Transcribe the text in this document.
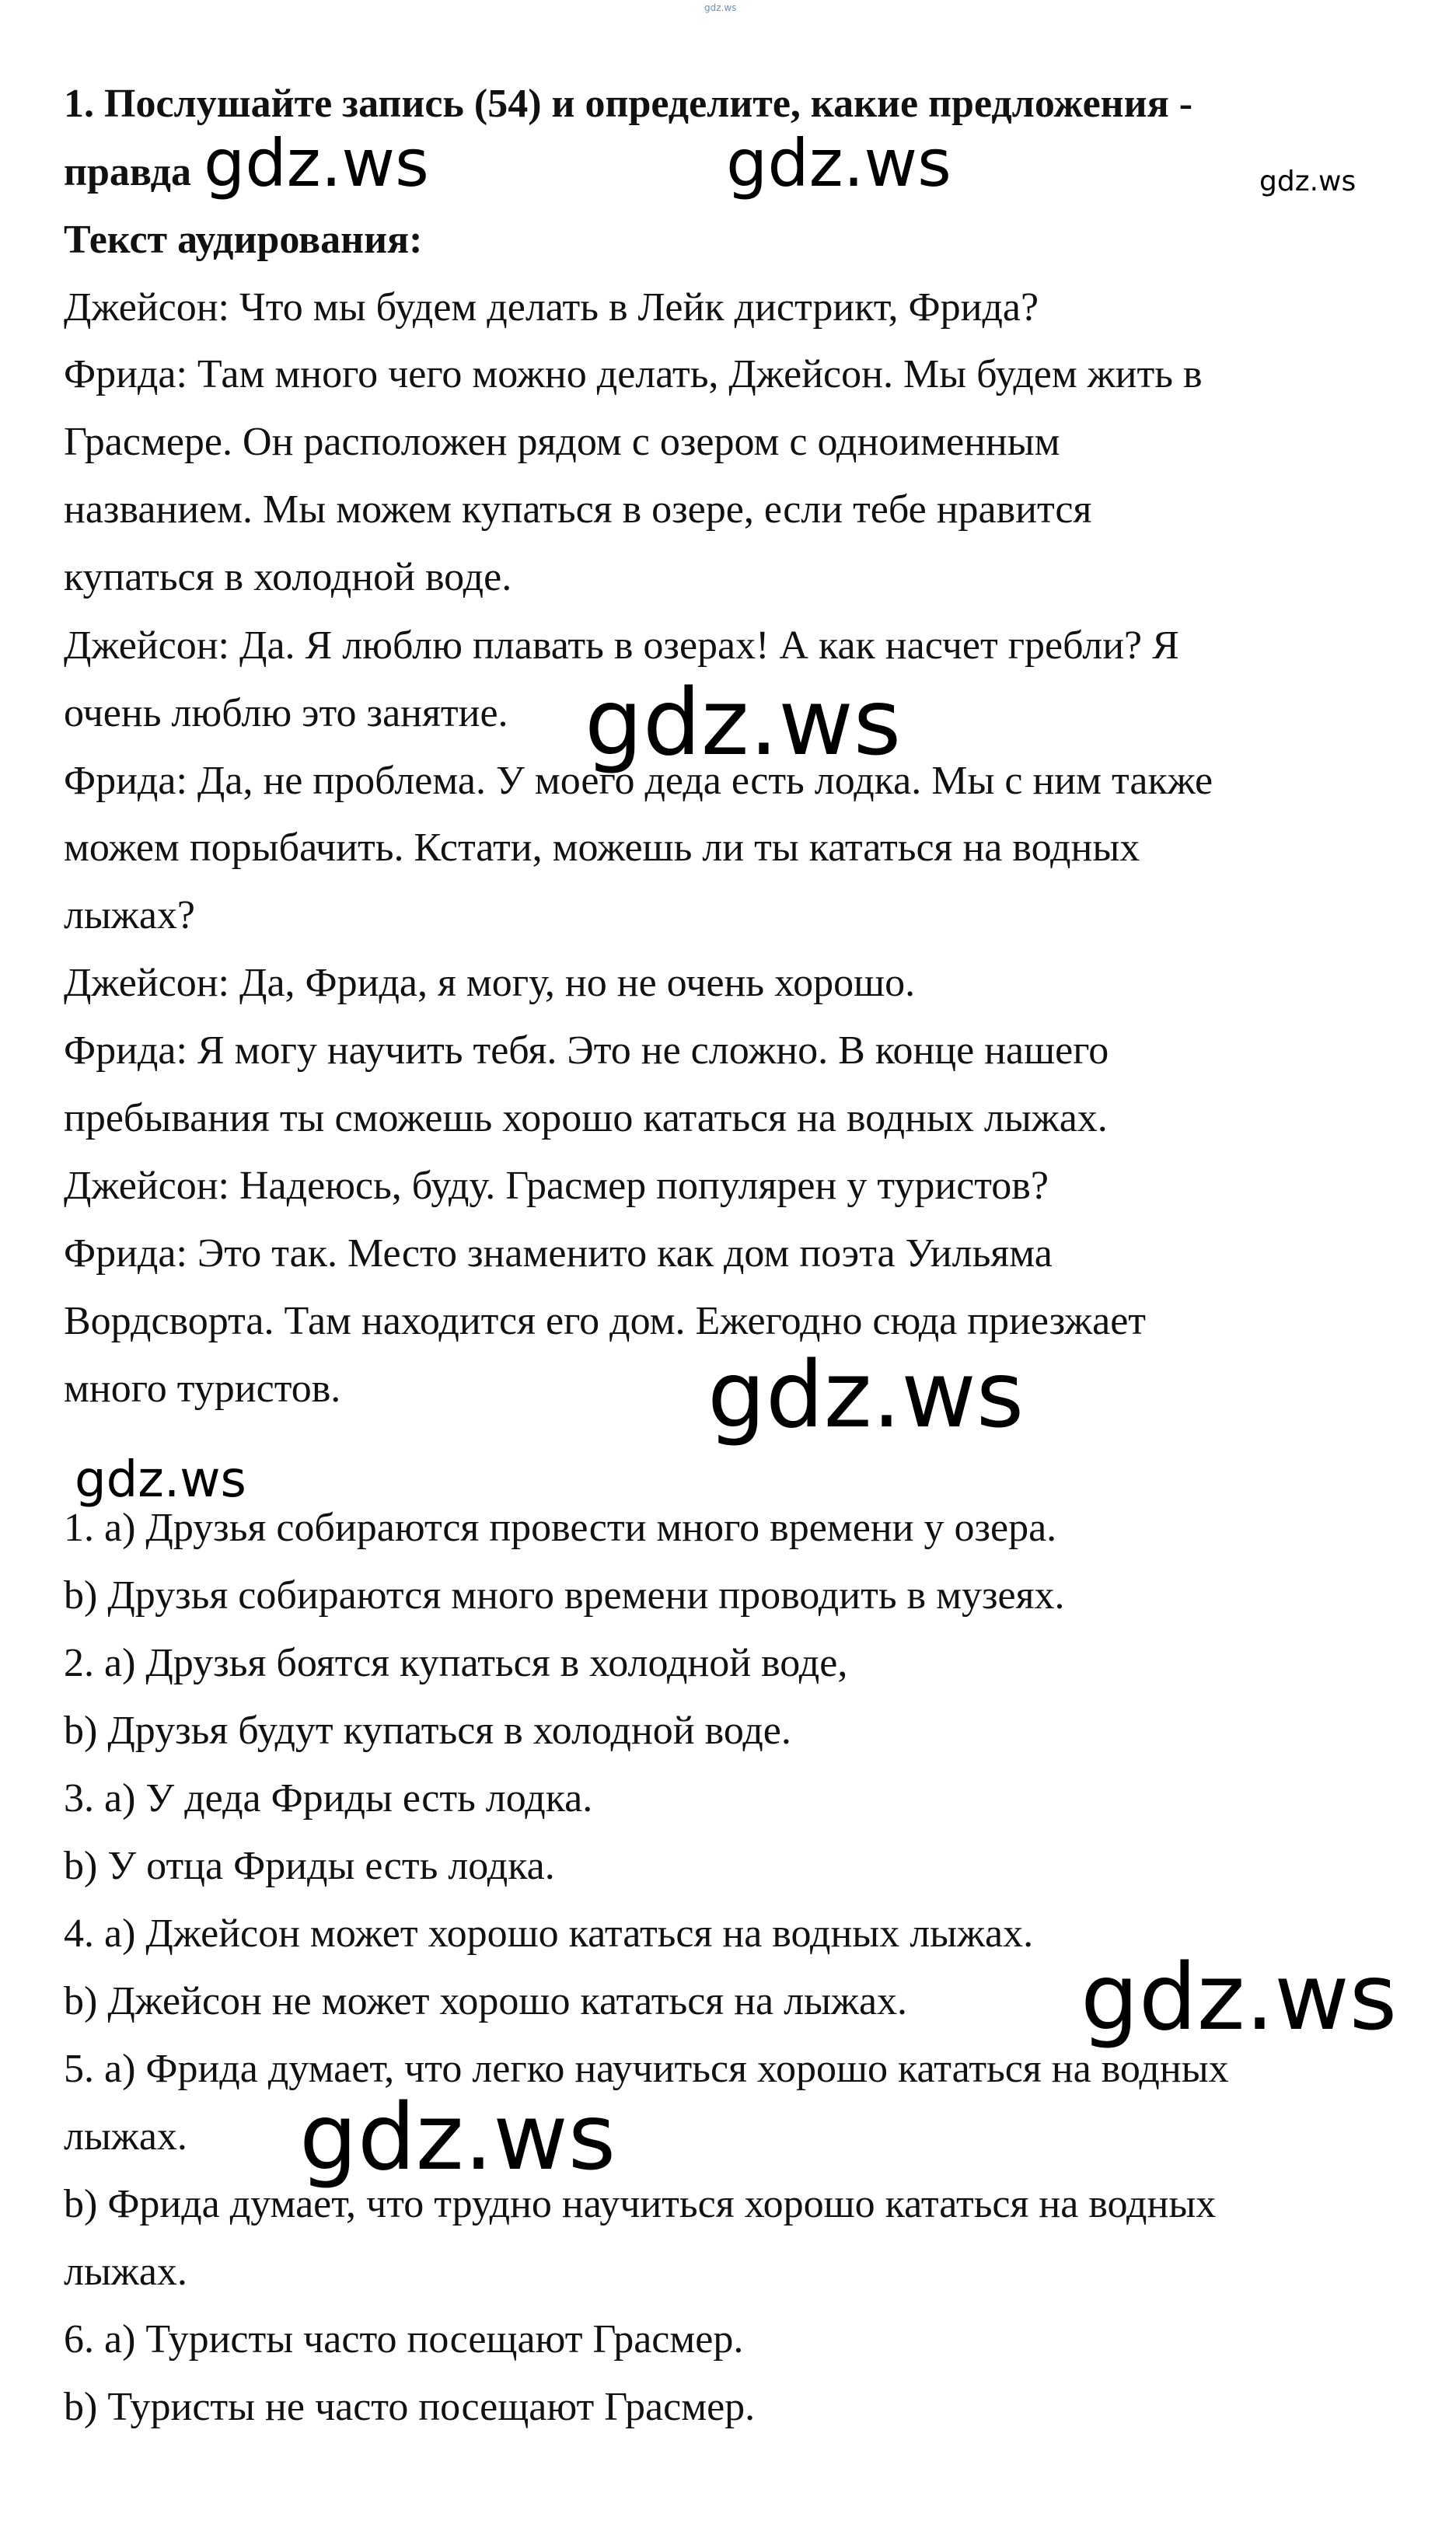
gdz.ws
1. Послушайте запись (54) и определите, какие предложения -
правда gdz.ws	gdz.ws	gdz.ws
Текст аудирования:
Джейсон: Что мы будем делать в Лейк дистрикт, Фрида?
Фрида: Там много чего можно делать, Джейсон. Мы будем жить в
Грасмере. Он расположен рядом с озером с одноименным
названием. Мы можем купаться в озере, если тебе нравится
купаться в холодной воде.
Джейсон: Да. Я люблю плавать в озерах! А как насчет гребли? Я
очень люблю это занятие. gdz.ws
Фрида: Да, не проблема. У моего деда есть лодка. Мы с ним также
можем порыбачить. Кстати, можешь ли ты кататься на водных
лыжах?
Джейсон: Да, Фрида, я могу, но не очень хорошо.
Фрида: Я могу научить тебя. Это не сложно. В конце нашего
пребывания ты сможешь хорошо кататься на водных лыжах.
Джейсон: Надеюсь, буду. Грасмер популярен у туристов?
Фрида: Это так. Место знаменито как дом поэта Уильяма
Вордсворта. Там находится его дом. Ежегодно сюда приезжает
много туристов.	gdz.ws
gdz.ws
1. a) Друзья собираются провести много времени у озера.
b) Друзья собираются много времени проводить в музеях.
2. a) Друзья боятся купаться в холодной воде,
b) Друзья будут купаться в холодной воде.
3. a) У деда Фриды есть лодка.
b) У отца Фриды есть лодка.
4. a) Джейсон может хорошо кататься на водных лыжах.
b) Джейсон не может хорошо кататься на лыжах. gdz.ws
5. a) Фрида думает, что легко научиться хорошо кататься на водных
лыжах. gdz.ws
b) Фрида думает, что трудно научиться хорошо кататься на водных
лыжах.
6. a) Туристы часто посещают Грасмер.
b) Туристы не часто посещают Грасмер.
